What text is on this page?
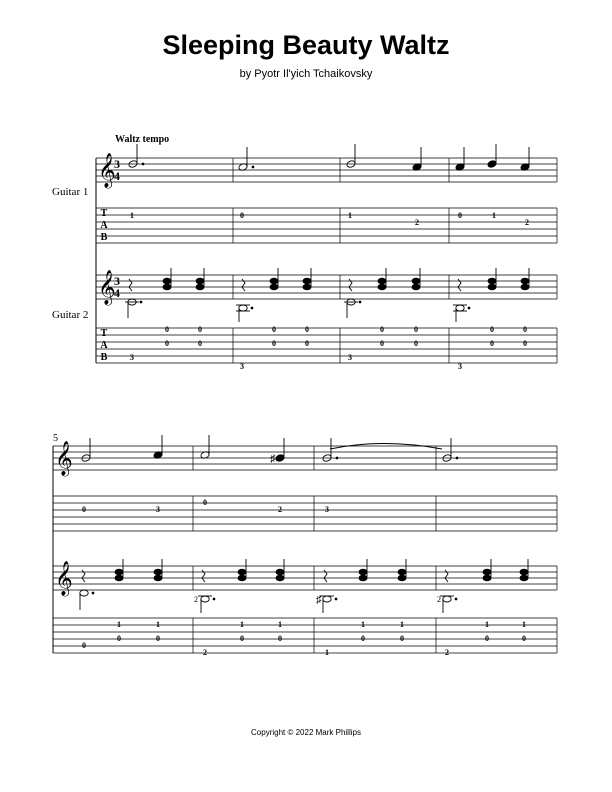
Sleeping Beauty Waltz
by Pyotr Il'yich Tchaikovsky
Waltz tempo
Guitar 1
Guitar 2
5
Copyright © 2022 Mark Phillips
𝄞
𝄞
𝄞
𝄞
3
4
3
4
T
A
B
T
A
B
♯
♯
2	2
1	0	1
2
0	1
2
3
0
0
0
0
3
0
0
0
0
3
0
0
0
0
3
0
0
0
0
0	3
0
2	3
0
1
0
1
0
2
1
0
1
0
1
1
0
1
0
2
1
0
1
0
